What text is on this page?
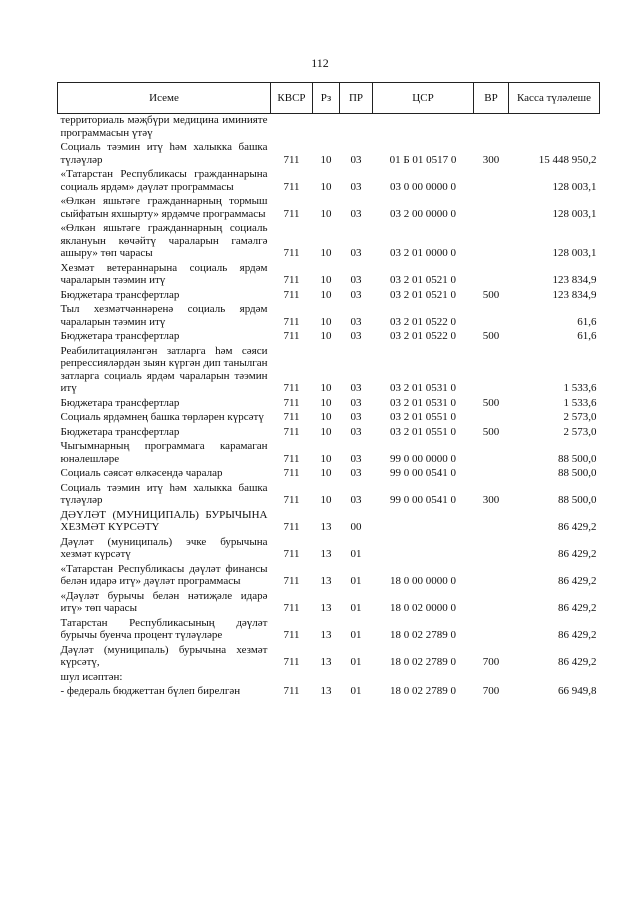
112
Исеме	КВСР	Рз	ПР	ЦСР	ВР	Касса түләлеше
территориаль мәҗбүри медицина иминияте программасын үтәү						
Социаль тәэмин итү һәм халыкка башка түләүләр	711	10	03	01 Б 01 0517 0	300	15 448 950,2
«Татарстан Республикасы гражданнарына социаль ярдәм» дәүләт программасы	711	10	03	03 0 00 0000 0		128 003,1
«Өлкән яшьтәге гражданнарның тормыш сыйфатын яхшырту» ярдәмче программасы	711	10	03	03 2 00 0000 0		128 003,1
«Өлкән яшьтәге гражданнарның социаль яклануын көчәйтү чараларын гамәлгә ашыру» төп чарасы	711	10	03	03 2 01 0000 0		128 003,1
Хезмәт ветераннарына социаль ярдәм чараларын тәэмин итү	711	10	03	03 2 01 0521 0		123 834,9
Бюджетара трансфертлар	711	10	03	03 2 01 0521 0	500	123 834,9
Тыл хезмәтчәннәренә социаль ярдәм чараларын тәэмин итү	711	10	03	03 2 01 0522 0		61,6
Бюджетара трансфертлар	711	10	03	03 2 01 0522 0	500	61,6
Реабилитацияләнгән затларга һәм сәяси репрессияләрдән зыян күргән дип танылган затларга социаль ярдәм чараларын тәэмин итү	711	10	03	03 2 01 0531 0		1 533,6
Бюджетара трансфертлар	711	10	03	03 2 01 0531 0	500	1 533,6
Социаль ярдәмнең башка төрләрен күрсәтү	711	10	03	03 2 01 0551 0		2 573,0
Бюджетара трансфертлар	711	10	03	03 2 01 0551 0	500	2 573,0
Чыгымнарның программага карамаган юнәлешләре	711	10	03	99 0 00 0000 0		88 500,0
Социаль сәясәт өлкәсендә чаралар	711	10	03	99 0 00 0541 0		88 500,0
Социаль тәэмин итү һәм халыкка башка түләүләр	711	10	03	99 0 00 0541 0	300	88 500,0
ДӘҮЛӘТ (МУНИЦИПАЛЬ) БУРЫЧЫНА ХЕЗМӘТ КҮРСӘТҮ	711	13	00			86 429,2
Дәүләт (муниципаль) эчке бурычына хезмәт күрсәтү	711	13	01			86 429,2
«Татарстан Республикасы дәүләт финансы белән идарә итү» дәүләт программасы	711	13	01	18 0 00 0000 0		86 429,2
«Дәүләт бурычы белән нәтиҗәле идарә итү» төп чарасы	711	13	01	18 0 02 0000 0		86 429,2
Татарстан Республикасының дәүләт бурычы буенча процент түләүләре	711	13	01	18 0 02 2789 0		86 429,2
Дәүләт (муниципаль) бурычына хезмәт күрсәтү,	711	13	01	18 0 02 2789 0	700	86 429,2
шул исәптән:						
- федераль бюджеттан бүлеп бирелгән	711	13	01	18 0 02 2789 0	700	66 949,8
